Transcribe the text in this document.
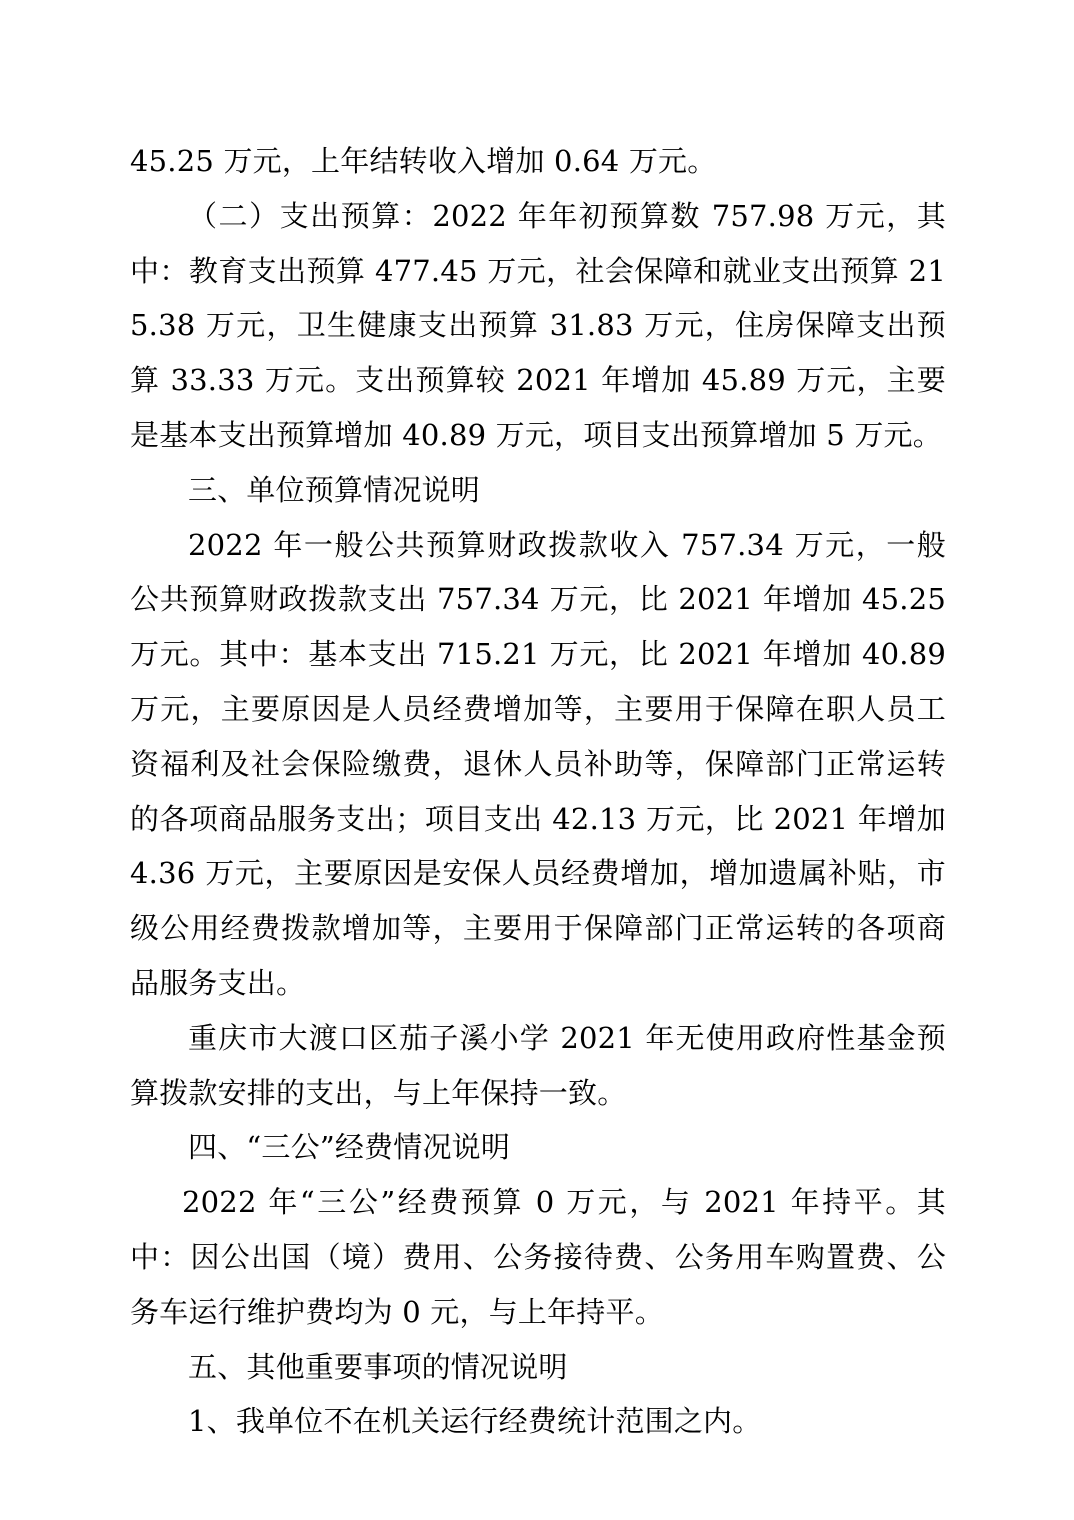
45.25 万元，上年结转收入增加 0.64 万元。

（二）支出预算：2022 年年初预算数 757.98 万元，其中：教育支出预算 477.45 万元，社会保障和就业支出预算 215.38 万元，卫生健康支出预算 31.83 万元，住房保障支出预算 33.33 万元。支出预算较 2021 年增加 45.89 万元，主要是基本支出预算增加 40.89 万元，项目支出预算增加 5 万元。

三、单位预算情况说明

2022 年一般公共预算财政拨款收入 757.34 万元，一般公共预算财政拨款支出 757.34 万元，比 2021 年增加 45.25 万元。其中：基本支出 715.21 万元，比 2021 年增加 40.89 万元，主要原因是人员经费增加等，主要用于保障在职人员工资福利及社会保险缴费，退休人员补助等，保障部门正常运转的各项商品服务支出；项目支出 42.13 万元，比 2021 年增加 4.36 万元，主要原因是安保人员经费增加，增加遗属补贴，市级公用经费拨款增加等，主要用于保障部门正常运转的各项商品服务支出。

重庆市大渡口区茄子溪小学 2021 年无使用政府性基金预算拨款安排的支出，与上年保持一致。

四、“三公”经费情况说明

2022 年“三公”经费预算 0 万元，与 2021 年持平。其中：因公出国（境）费用、公务接待费、公务用车购置费、公务车运行维护费均为 0 元，与上年持平。

五、其他重要事项的情况说明

1、我单位不在机关运行经费统计范围之内。
